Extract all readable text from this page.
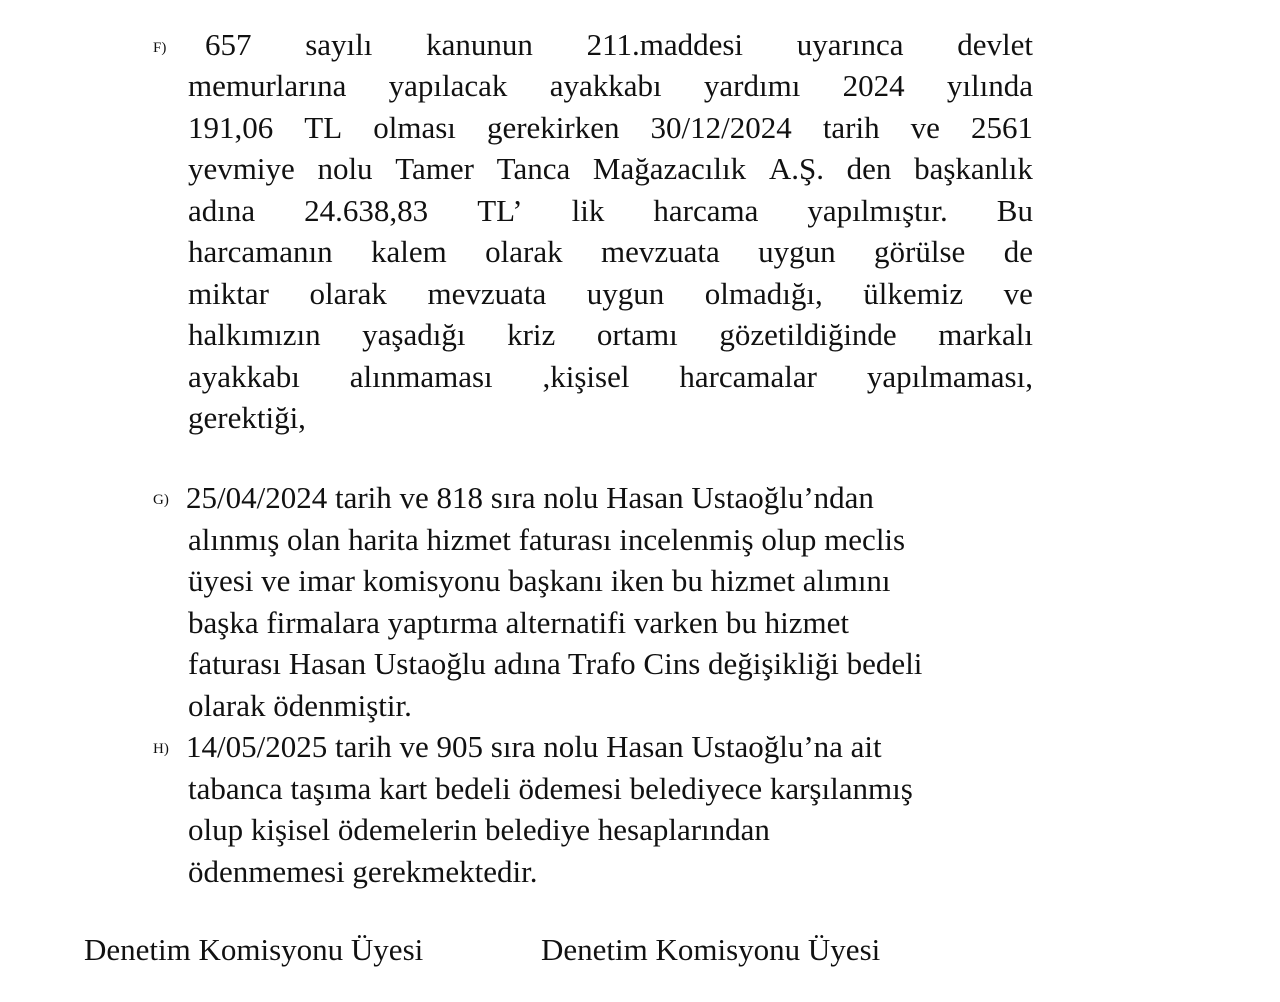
F) 657 sayılı kanunun 211.maddesi uyarınca devlet
memurlarına yapılacak ayakkabı yardımı 2024 yılında
191,06 TL olması gerekirken 30/12/2024 tarih ve 2561
yevmiye nolu Tamer Tanca Mağazacılık A.Ş. den başkanlık
adına 24.638,83 TL’ lik harcama yapılmıştır. Bu
harcamanın kalem olarak mevzuata uygun görülse de
miktar olarak mevzuata uygun olmadığı, ülkemiz ve
halkımızın yaşadığı kriz ortamı gözetildiğinde markalı
ayakkabı alınmaması ,kişisel harcamalar yapılmaması,
gerektiği,
G) 25/04/2024 tarih ve 818 sıra nolu Hasan Ustaoğlu’ndan
alınmış olan harita hizmet faturası incelenmiş olup meclis
üyesi ve imar komisyonu başkanı iken bu hizmet alımını
başka firmalara yaptırma alternatifi varken bu hizmet
faturası Hasan Ustaoğlu adına Trafo Cins değişikliği bedeli
olarak ödenmiştir.
H) 14/05/2025 tarih ve 905 sıra nolu Hasan Ustaoğlu’na ait
tabanca taşıma kart bedeli ödemesi belediyece karşılanmış
olup kişisel ödemelerin belediye hesaplarından
ödenmemesi gerekmektedir.
Denetim Komisyonu Üyesi	Denetim Komisyonu Üyesi
